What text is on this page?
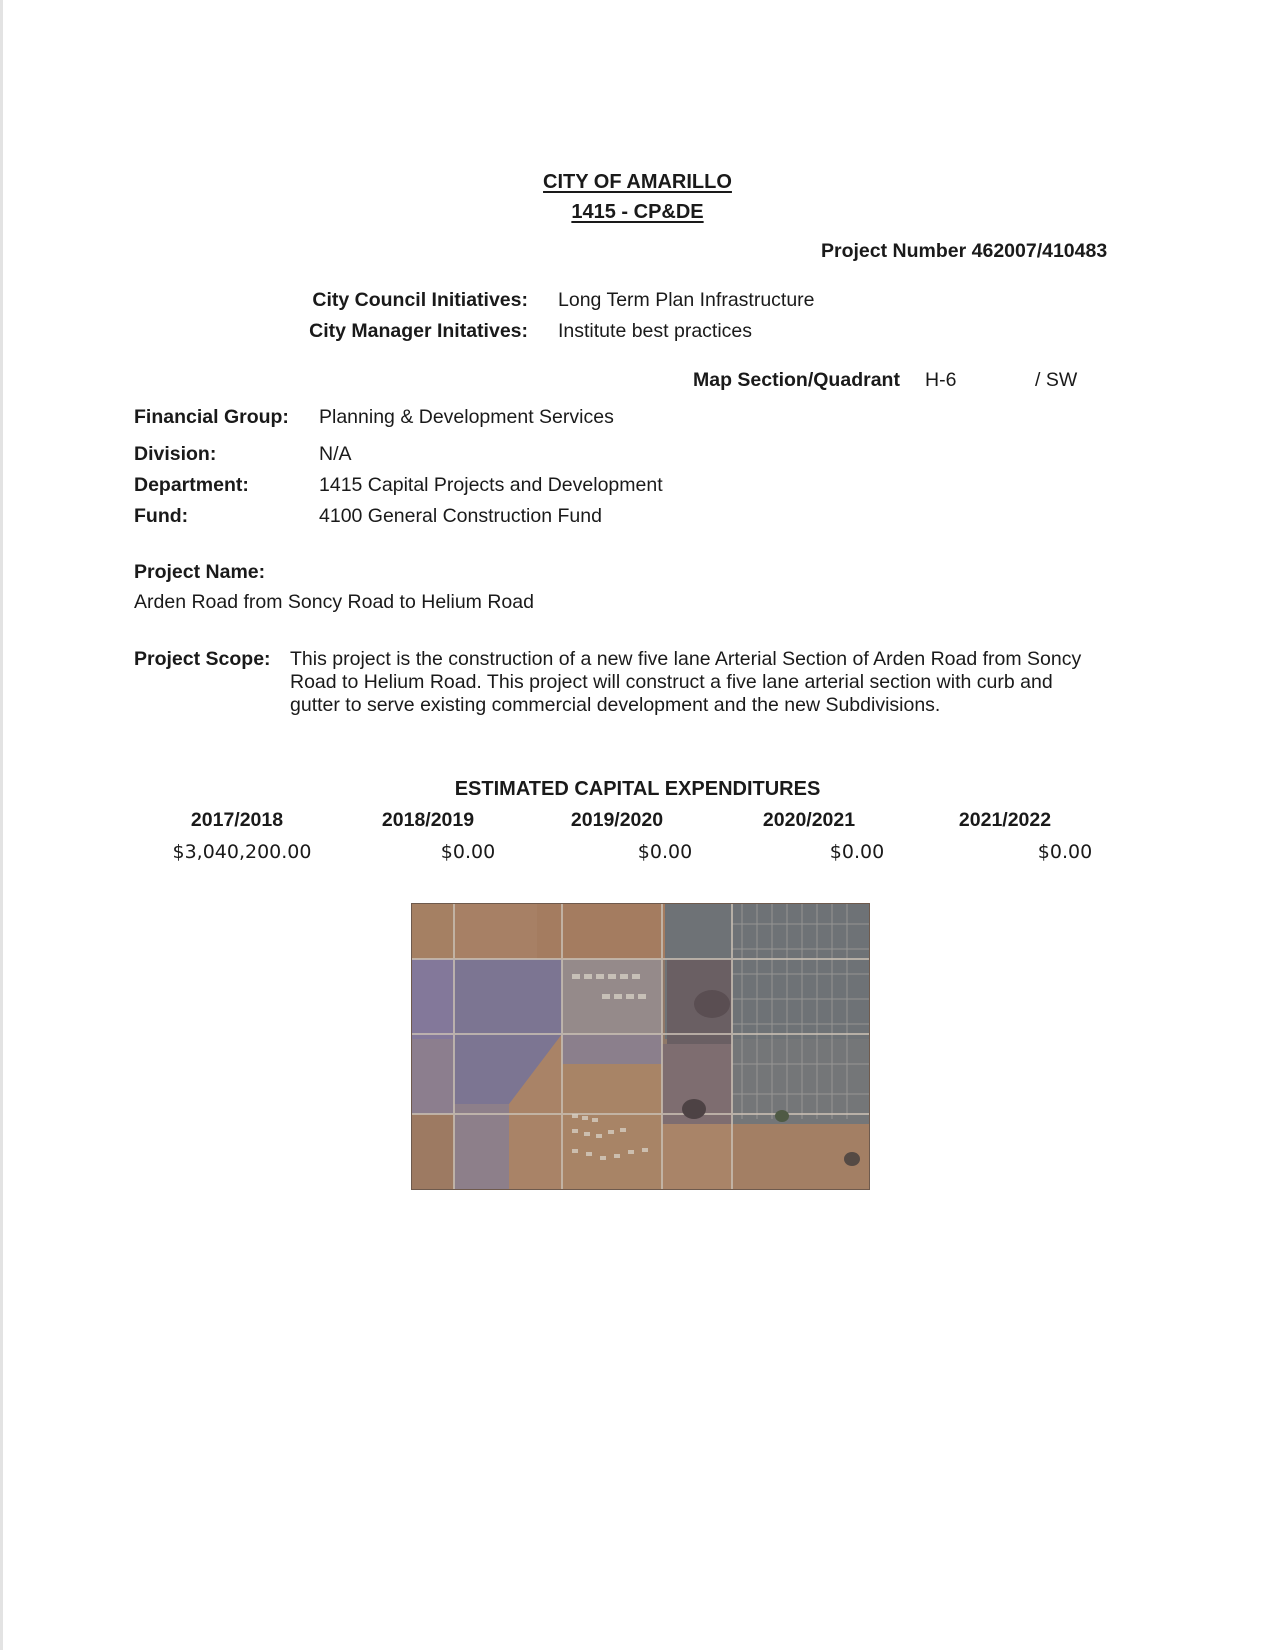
CITY OF AMARILLO
1415 - CP&DE
Project Number 462007/410483
City Council Initiatives: Long Term Plan Infrastructure
City Manager Initatives: Institute best practices
Map Section/Quadrant H-6	/ SW
Financial Group: Planning & Development Services
Division:	N/A
Department:	1415 Capital Projects and Development
Fund:	4100 General Construction Fund
Project Name:
Arden Road from Soncy Road to Helium Road
Project Scope: This project is the construction of a new five lane Arterial Section of Arden Road from Soncy
Road to Helium Road. This project will construct a five lane arterial section with curb and
gutter to serve existing commercial development and the new Subdivisions.
ESTIMATED CAPITAL EXPENDITURES
2017/2018	2018/2019	2019/2020	2020/2021	2021/2022
$3,040,200.00	$0.00	$0.00	$0.00	$0.00
